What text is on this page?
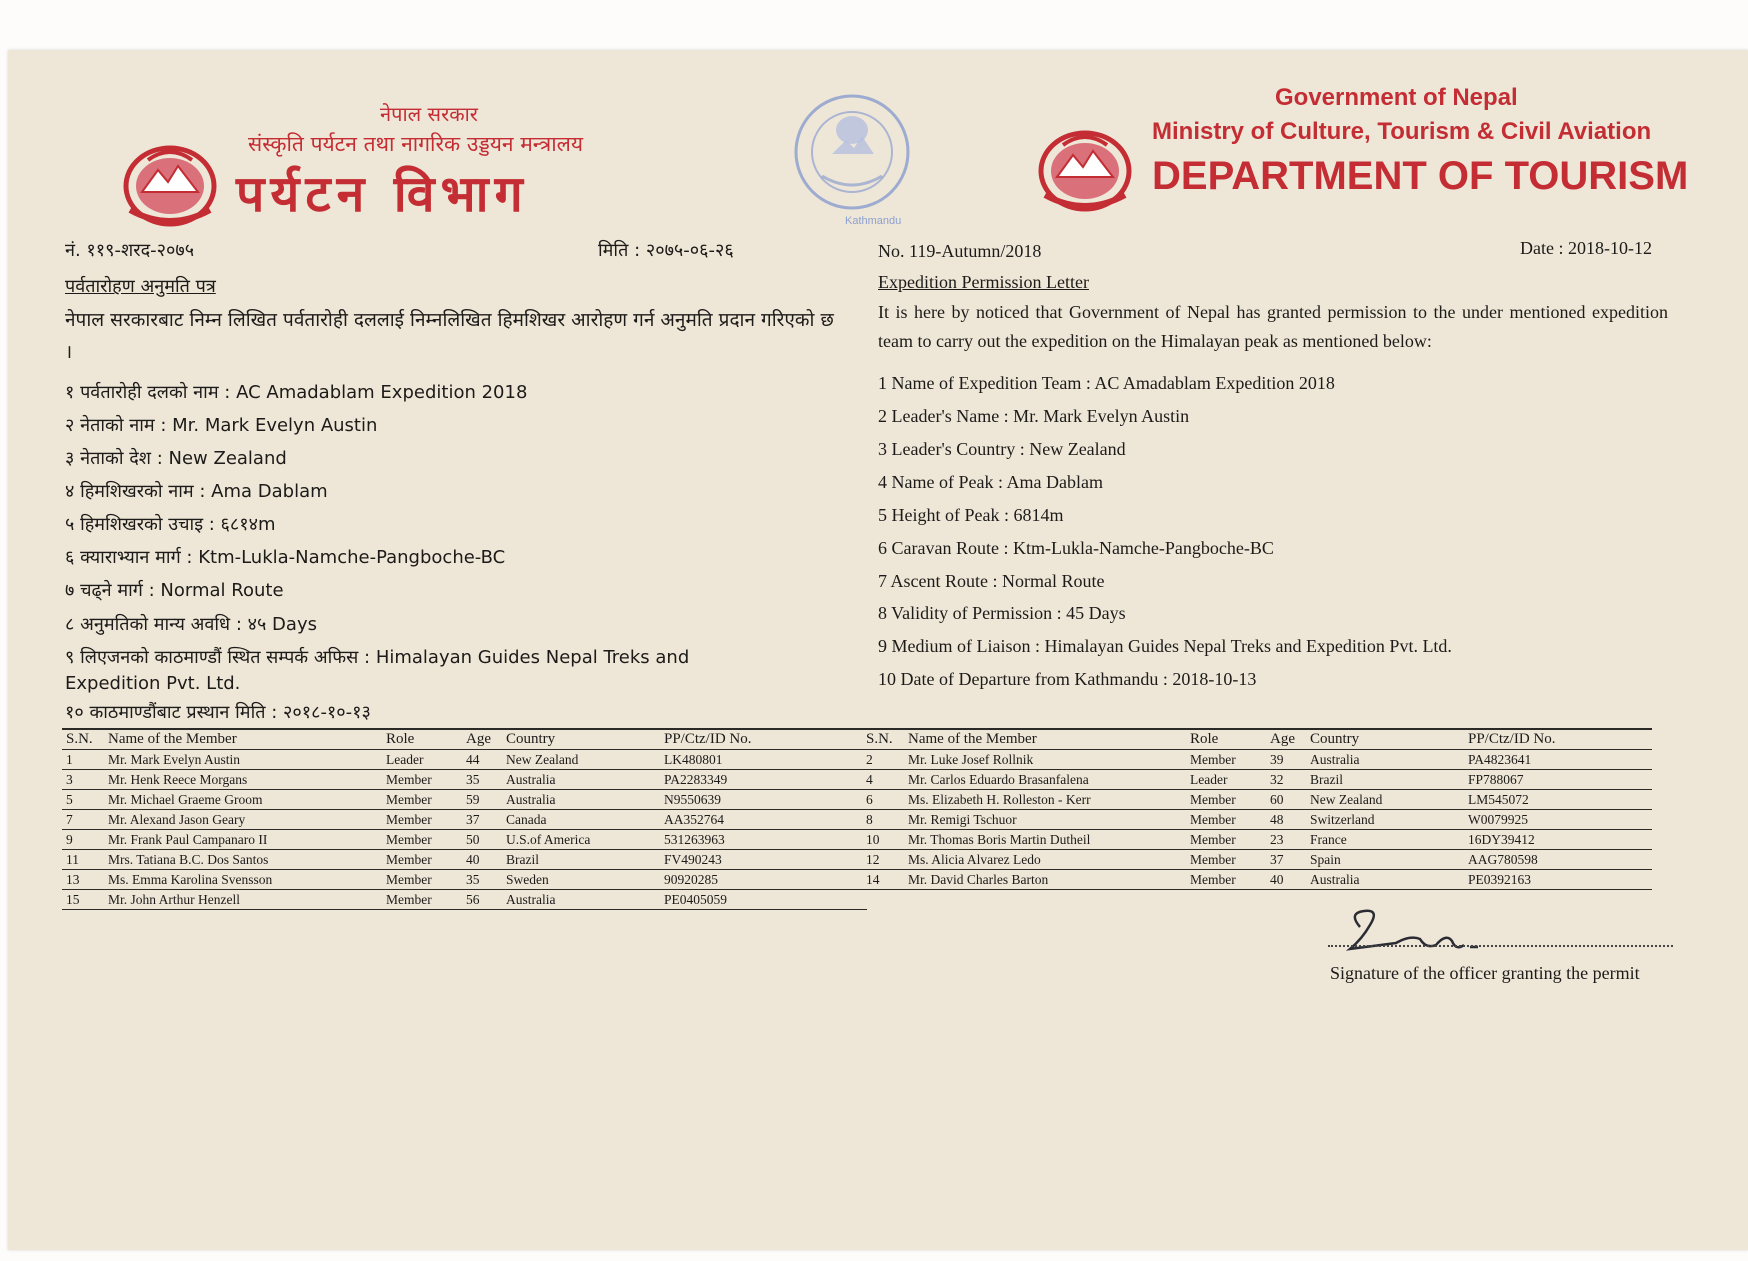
Kathmandu
नेपाल सरकार
संस्कृति पर्यटन तथा नागरिक उड्डयन मन्त्रालय
पर्यटन विभाग
Government of Nepal
Ministry of Culture, Tourism & Civil Aviation
DEPARTMENT OF TOURISM
नं. ११९-शरद-२०७५	मिति : २०७५-०६-२६
पर्वतारोहण अनुमति पत्र
नेपाल सरकारबाट निम्न लिखित पर्वतारोही दललाई निम्नलिखित हिमशिखर आरोहण गर्न अनुमति प्रदान गरिएको छ ।
१ पर्वतारोही दलको नाम : AC Amadablam Expedition 2018
२ नेताको नाम : Mr. Mark Evelyn Austin
३ नेताको देश : New Zealand
४ हिमशिखरको नाम : Ama Dablam
५ हिमशिखरको उचाइ : ६८१४m
६ क्याराभ्यान मार्ग : Ktm-Lukla-Namche-Pangboche-BC
७ चढ्ने मार्ग : Normal Route
८ अनुमतिको मान्य अवधि : ४५ Days
९ लिएजनको काठमाण्डौं स्थित सम्पर्क अफिस : Himalayan Guides Nepal Treks and Expedition Pvt. Ltd.
१० काठमाण्डौंबाट प्रस्थान मिति : २०१८-१०-१३
No. 119-Autumn/2018	Date : 2018-10-12
Expedition Permission Letter
It is here by noticed that Government of Nepal has granted permission to the under mentioned expedition team to carry out the expedition on the Himalayan peak as mentioned below:
1 Name of Expedition Team : AC Amadablam Expedition 2018
2 Leader's Name : Mr. Mark Evelyn Austin
3 Leader's Country : New Zealand
4 Name of Peak : Ama Dablam
5 Height of Peak : 6814m
6 Caravan Route : Ktm-Lukla-Namche-Pangboche-BC
7 Ascent Route : Normal Route
8 Validity of Permission : 45 Days
9 Medium of Liaison : Himalayan Guides Nepal Treks and Expedition Pvt. Ltd.
10 Date of Departure from Kathmandu : 2018-10-13
S.N.	Name of the Member	Role	Age	Country	PP/Ctz/ID No.
1	Mr. Mark Evelyn Austin	Leader	44	New Zealand	LK480801
3	Mr. Henk Reece Morgans	Member	35	Australia	PA2283349
5	Mr. Michael Graeme Groom	Member	59	Australia	N9550639
7	Mr. Alexand Jason Geary	Member	37	Canada	AA352764
9	Mr. Frank Paul Campanaro II	Member	50	U.S.of America	531263963
11	Mrs. Tatiana B.C. Dos Santos	Member	40	Brazil	FV490243
13	Ms. Emma Karolina Svensson	Member	35	Sweden	90920285
15	Mr. John Arthur Henzell	Member	56	Australia	PE0405059
S.N.	Name of the Member	Role	Age	Country	PP/Ctz/ID No.
2	Mr. Luke Josef Rollnik	Member	39	Australia	PA4823641
4	Mr. Carlos Eduardo Brasanfalena	Leader	32	Brazil	FP788067
6	Ms. Elizabeth H. Rolleston - Kerr	Member	60	New Zealand	LM545072
8	Mr. Remigi Tschuor	Member	48	Switzerland	W0079925
10	Mr. Thomas Boris Martin Dutheil	Member	23	France	16DY39412
12	Ms. Alicia Alvarez Ledo	Member	37	Spain	AAG780598
14	Mr. David Charles Barton	Member	40	Australia	PE0392163
Signature of the officer granting the permit
